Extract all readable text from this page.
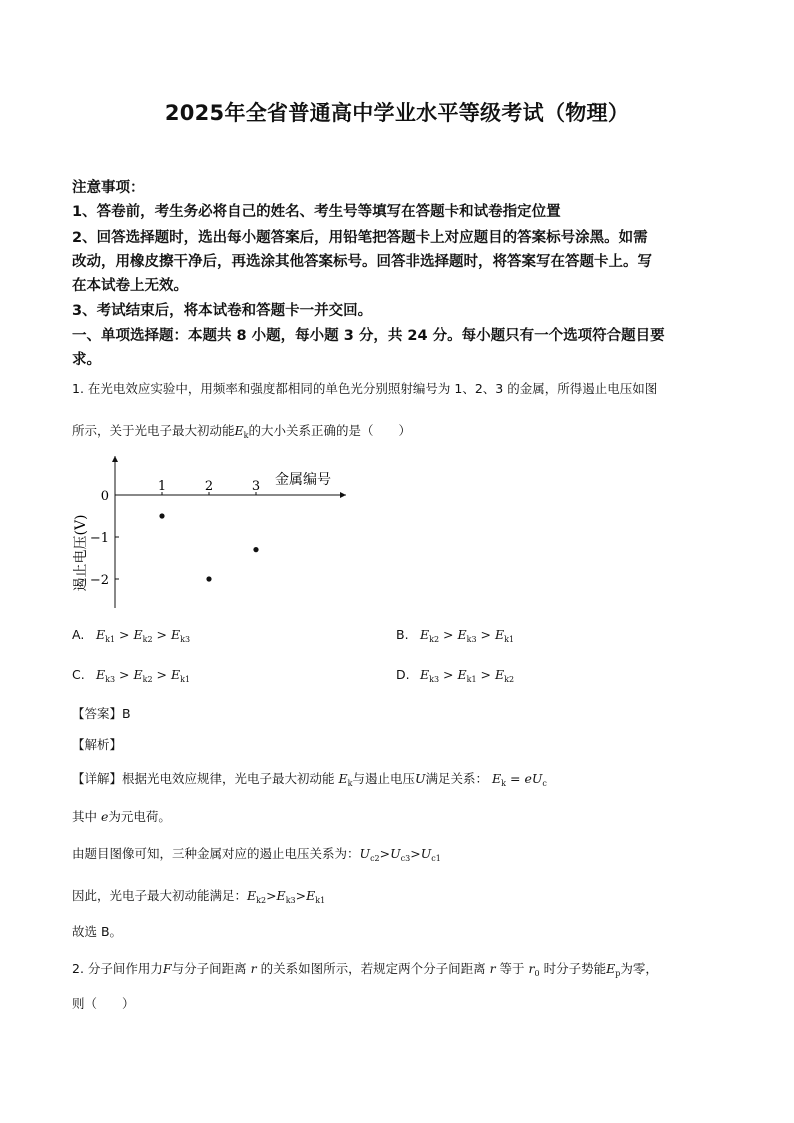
2025年全省普通高中学业水平等级考试（物理）
注意事项：
1、答卷前，考生务必将自己的姓名、考生号等填写在答题卡和试卷指定位置
2、回答选择题时，选出每小题答案后，用铅笔把答题卡上对应题目的答案标号涂黑。如需
改动，用橡皮擦干净后，再选涂其他答案标号。回答非选择题时，将答案写在答题卡上。写
在本试卷上无效。
3、考试结束后，将本试卷和答题卡一并交回。
一、单项选择题：本题共 8 小题，每小题 3 分，共 24 分。每小题只有一个选项符合题目要
求。
1. 在光电效应实验中，用频率和强度都相同的单色光分别照射编号为 1、2、3 的金属，所得遏止电压如图
所示，关于光电子最大初动能$E_k$的大小关系正确的是（　　）
金属编号
遏止电压(V)
1	2	3
0
−1
−2
A. $E_{k1} > E_{k2} > E_{k3}$	B. $E_{k2} > E_{k3} > E_{k1}$
C. $E_{k3} > E_{k2} > E_{k1}$	D. $E_{k3} > E_{k1} > E_{k2}$
【答案】B
【解析】
【详解】根据光电效应规律，光电子最大初动能 $E_k$与遏止电压U满足关系： $E_k = eU_c$
其中 e为元电荷。
由题目图像可知，三种金属对应的遏止电压关系为：$U_{c2}>U_{c3}>U_{c1}$
因此，光电子最大初动能满足：$E_{k2}>E_{k3}>E_{k1}$
故选 B。
2. 分子间作用力F与分子间距离 r 的关系如图所示，若规定两个分子间距离 r 等于 $r_0$ 时分子势能$E_p$为零，
则（　　）
